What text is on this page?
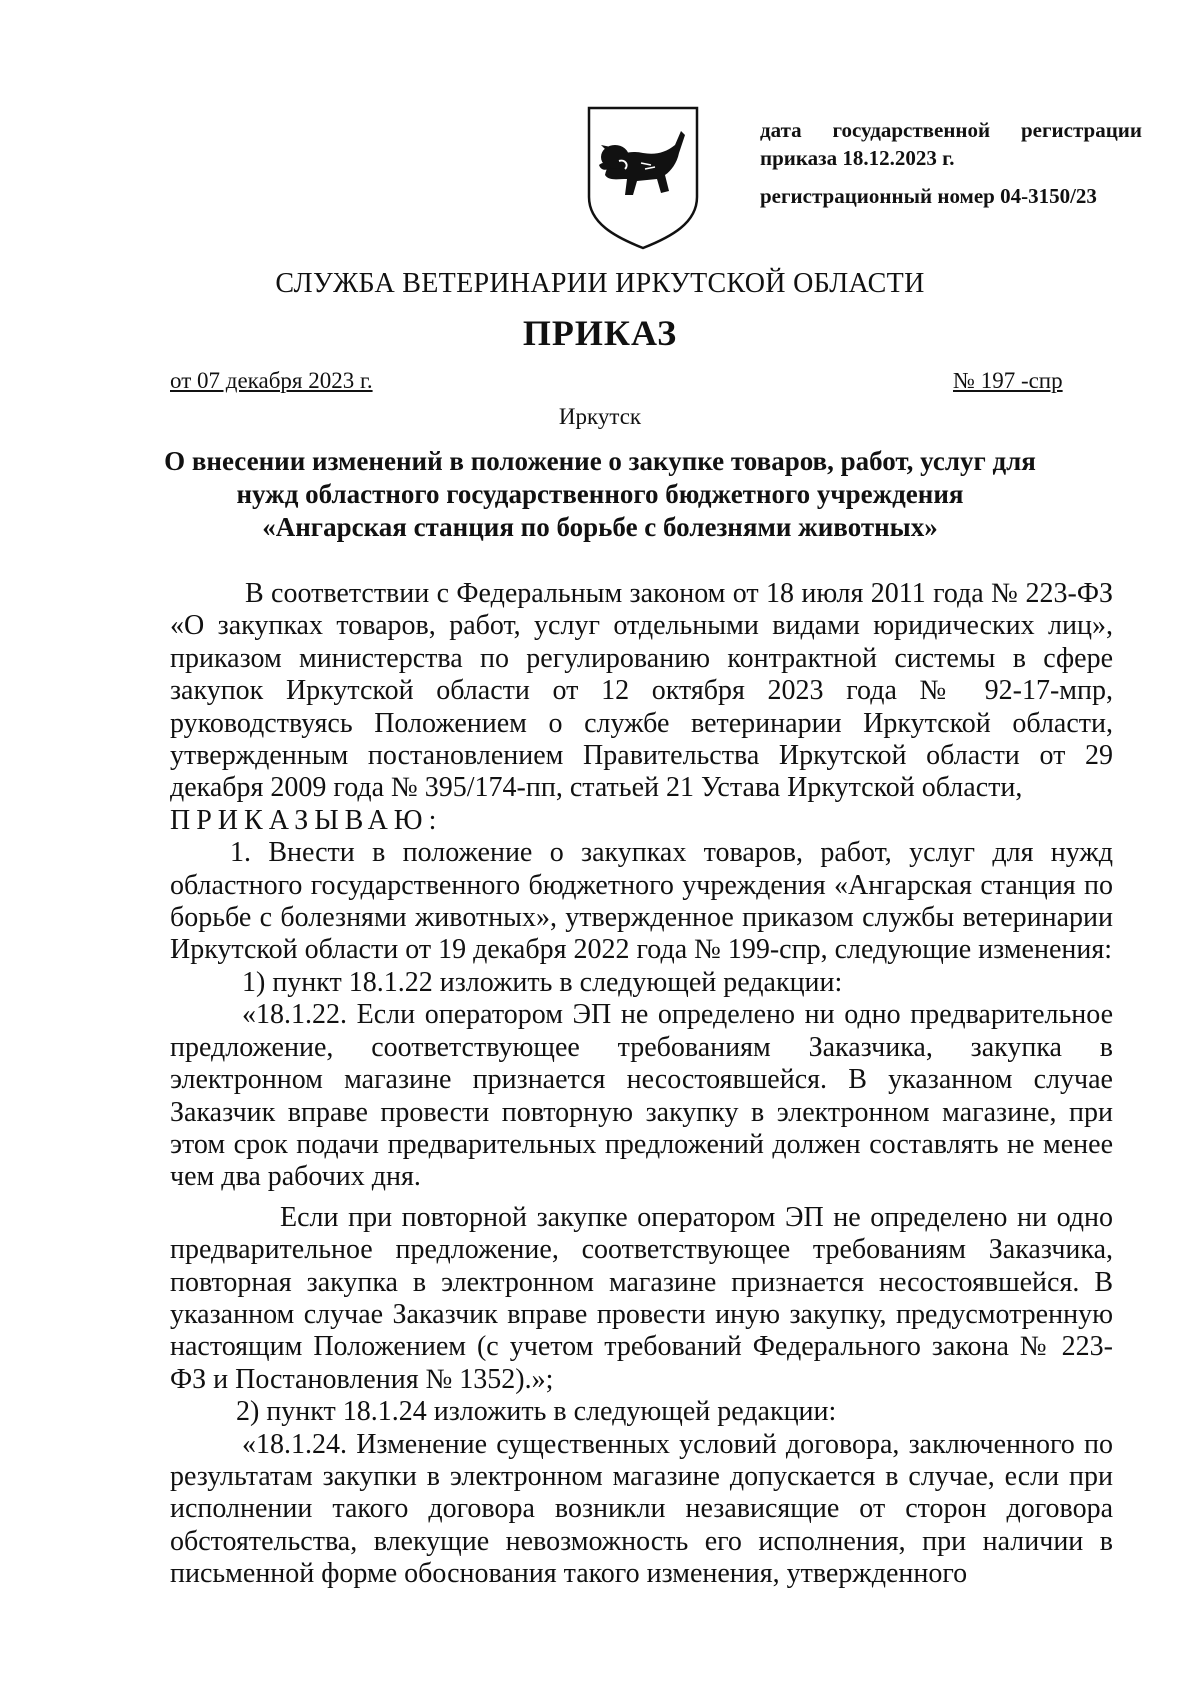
дата государственной регистрации
приказа 18.12.2023 г.
регистрационный номер 04-3150/23
СЛУЖБА ВЕТЕРИНАРИИ ИРКУТСКОЙ ОБЛАСТИ
ПРИКАЗ
от 07 декабря 2023 г.	№ 197 -спр
Иркутск
О внесении изменений в положение о закупке товаров, работ, услуг для
нужд областного государственного бюджетного учреждения
«Ангарская станция по борьбе с болезнями животных»

В соответствии с Федеральным законом от 18 июля 2011 года № 223-ФЗ «О закупках товаров, работ, услуг отдельными видами юридических лиц», приказом министерства по регулированию контрактной системы в сфере закупок Иркутской области от 12 октября 2023 года № 92-17-мпр, руководствуясь Положением о службе ветеринарии Иркутской области, утвержденным постановлением Правительства Иркутской области от 29 декабря 2009 года № 395/174-пп, статьей 21 Устава Иркутской области,

ПРИКАЗЫВАЮ:

1. Внести в положение о закупках товаров, работ, услуг для нужд областного государственного бюджетного учреждения «Ангарская станция по борьбе с болезнями животных», утвержденное приказом службы ветеринарии Иркутской области от 19 декабря 2022 года № 199-спр, следующие изменения:

1) пункт 18.1.22 изложить в следующей редакции:

«18.1.22. Если оператором ЭП не определено ни одно предварительное предложение, соответствующее требованиям Заказчика, закупка в электронном магазине признается несостоявшейся. В указанном случае Заказчик вправе провести повторную закупку в электронном магазине, при этом срок подачи предварительных предложений должен составлять не менее чем два рабочих дня.

Если при повторной закупке оператором ЭП не определено ни одно предварительное предложение, соответствующее требованиям Заказчика, повторная закупка в электронном магазине признается несостоявшейся. В указанном случае Заказчик вправе провести иную закупку, предусмотренную настоящим Положением (с учетом требований Федерального закона № 223-ФЗ и Постановления № 1352).»;

2) пункт 18.1.24 изложить в следующей редакции:

«18.1.24. Изменение существенных условий договора, заключенного по результатам закупки в электронном магазине допускается в случае, если при исполнении такого договора возникли независящие от сторон договора обстоятельства, влекущие невозможность его исполнения, при наличии в письменной форме обоснования такого изменения, утвержденного
